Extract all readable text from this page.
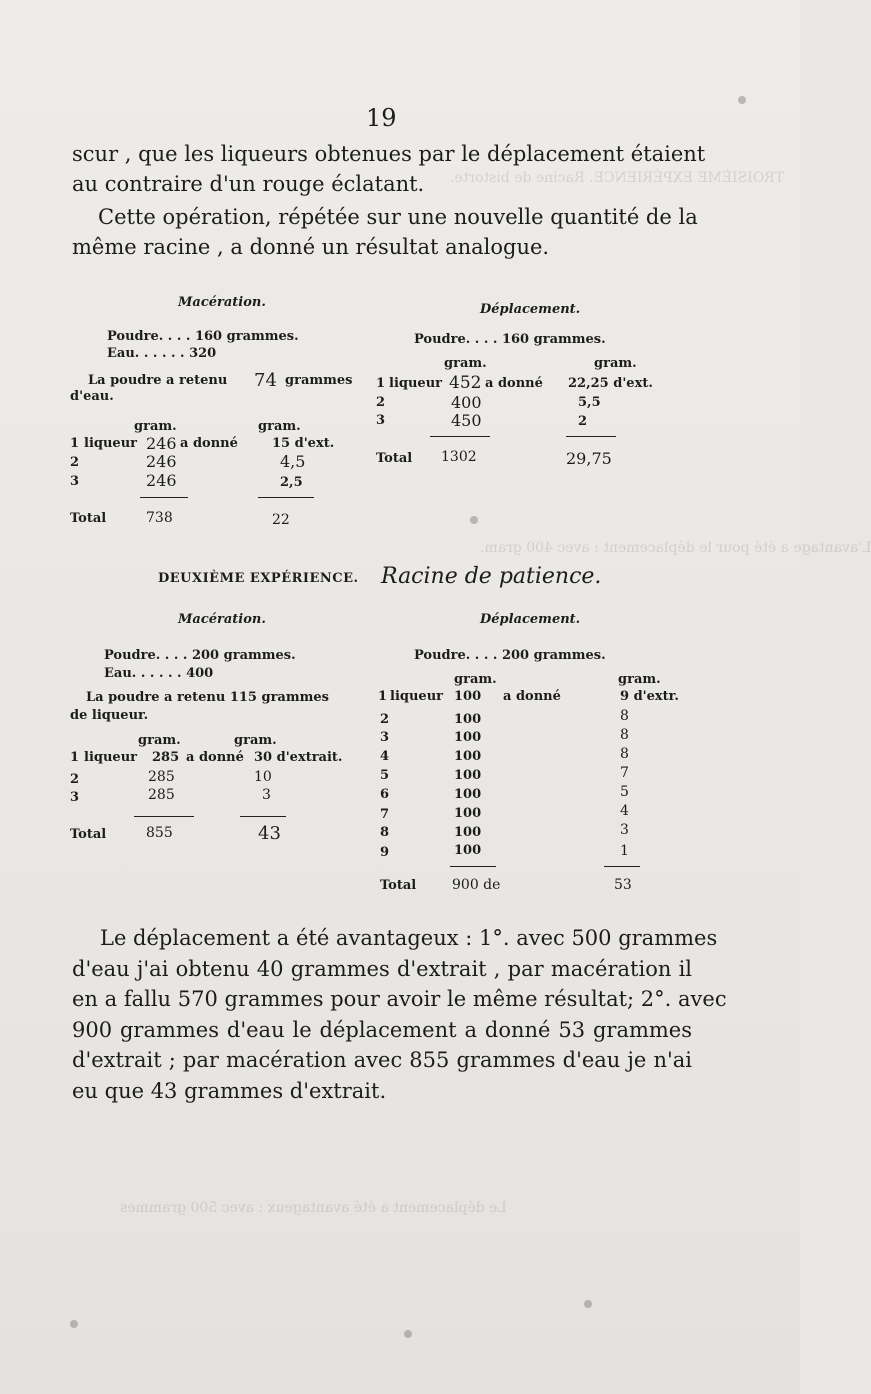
TROISIÈME EXPÉRIENCE. Racine de bistorte.
L'avantage a été pour le déplacement : avec 400 gram.
Le déplacement a été avantageux : avec 500 grammes
19
scur , que les liqueurs obtenues par le déplacement étaient
au contraire d'un rouge éclatant.
Cette opération, répétée sur une nouvelle quantité de la
même racine , a donné un résultat analogue.
Macération.
Poudre. . . . 160 grammes.
Eau. . . . . . 320
La poudre a retenu 74 grammes
d'eau.
gram.	gram.
1 liqueur 246 a donné	15 d'ext.
2	246	4,5
3	246	2,5
Total	738	22
Déplacement.
Poudre. . . . 160 grammes.
gram.	gram.
1 liqueur 452 a donné 22,25 d'ext.
2	400	5,5
3	450	2
Total 1302	29,75
DEUXIÈME EXPÉRIENCE. Racine de patience.
Macération.
Poudre. . . . 200 grammes.
Eau. . . . . . 400
La poudre a retenu 115 grammes
de liqueur.
gram.	gram.
1 liqueur 285 a donné 30 d'extrait.
2	285	10
3	285	3
Total	855	43
Déplacement.
Poudre. . . . 200 grammes.
gram.	gram.
1 liqueur 100 a donné	9 d'extr.
2	100	8
3	100	8
4	100	8
5	100	7
6	100	5
7	100	4
8	100	3
9	100	1
Total	900 de	53
Le déplacement a été avantageux : 1°. avec 500 grammes
d'eau j'ai obtenu 40 grammes d'extrait , par macération il
en a fallu 570 grammes pour avoir le même résultat; 2°. avec
900 grammes d'eau le déplacement a donné 53 grammes
d'extrait ; par macération avec 855 grammes d'eau je n'ai
eu que 43 grammes d'extrait.
